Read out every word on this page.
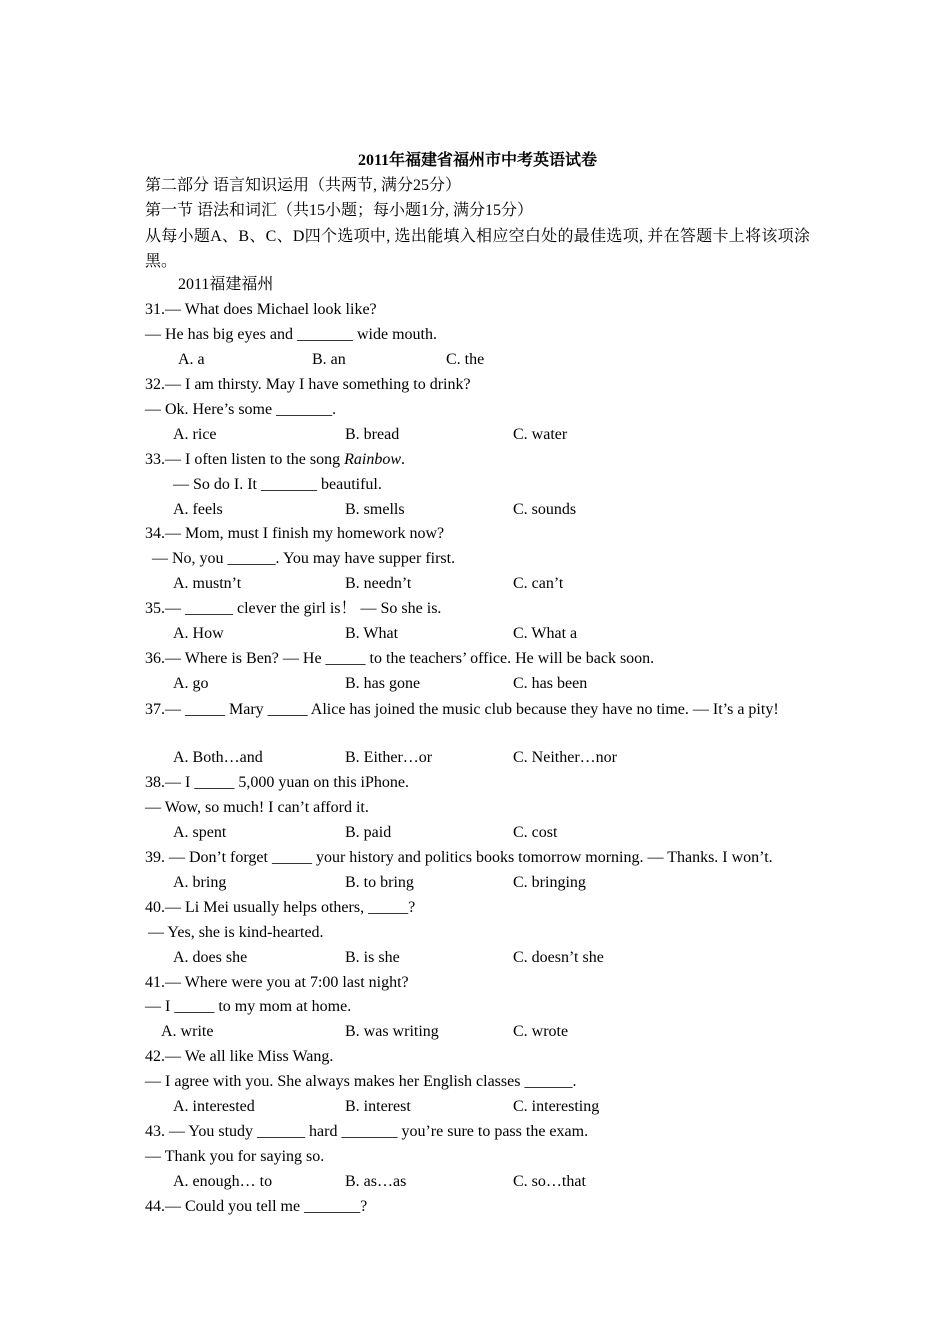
2011年福建省福州市中考英语试卷
第二部分 语言知识运用（共两节, 满分25分）
第一节 语法和词汇（共15小题；每小题1分, 满分15分）
从每小题A、B、C、D四个选项中, 选出能填入相应空白处的最佳选项, 并在答题卡上将该项涂黑。
2011福建福州
31.— What does Michael look like?
— He has big eyes and _______ wide mouth.
A. a	B. an	C. the
32.— I am thirsty. May I have something to drink?
— Ok. Here’s some _______.
A. rice	B. bread	C. water
33.— I often listen to the song Rainbow.
— So do I. It _______ beautiful.
A. feels	B. smells	C. sounds
34.— Mom, must I finish my homework now?
— No, you ______. You may have supper first.
A. mustn’t	B. needn’t	C. can’t
35.— ______ clever the girl is！ — So she is.
A. How	B. What	C. What a
36.— Where is Ben? — He _____ to the teachers’ office. He will be back soon.
A. go	B. has gone	C. has been
37.— _____ Mary _____ Alice has joined the music club because they have no time. — It’s a pity!
A. Both…and	B. Either…or	C. Neither…nor
38.— I _____ 5,000 yuan on this iPhone.
— Wow, so much! I can’t afford it.
A. spent	B. paid	C. cost
39. — Don’t forget _____ your history and politics books tomorrow morning. — Thanks. I won’t.
A. bring	B. to bring	C. bringing
40.— Li Mei usually helps others, _____?
— Yes, she is kind-hearted.
A. does she	B. is she	C. doesn’t she
41.— Where were you at 7:00 last night?
— I _____ to my mom at home.
A. write	B. was writing	C. wrote
42.— We all like Miss Wang.
— I agree with you. She always makes her English classes ______.
A. interested	B. interest	C. interesting
43. — You study ______ hard _______ you’re sure to pass the exam.
— Thank you for saying so.
A. enough… to	B. as…as	C. so…that
44.— Could you tell me _______?
